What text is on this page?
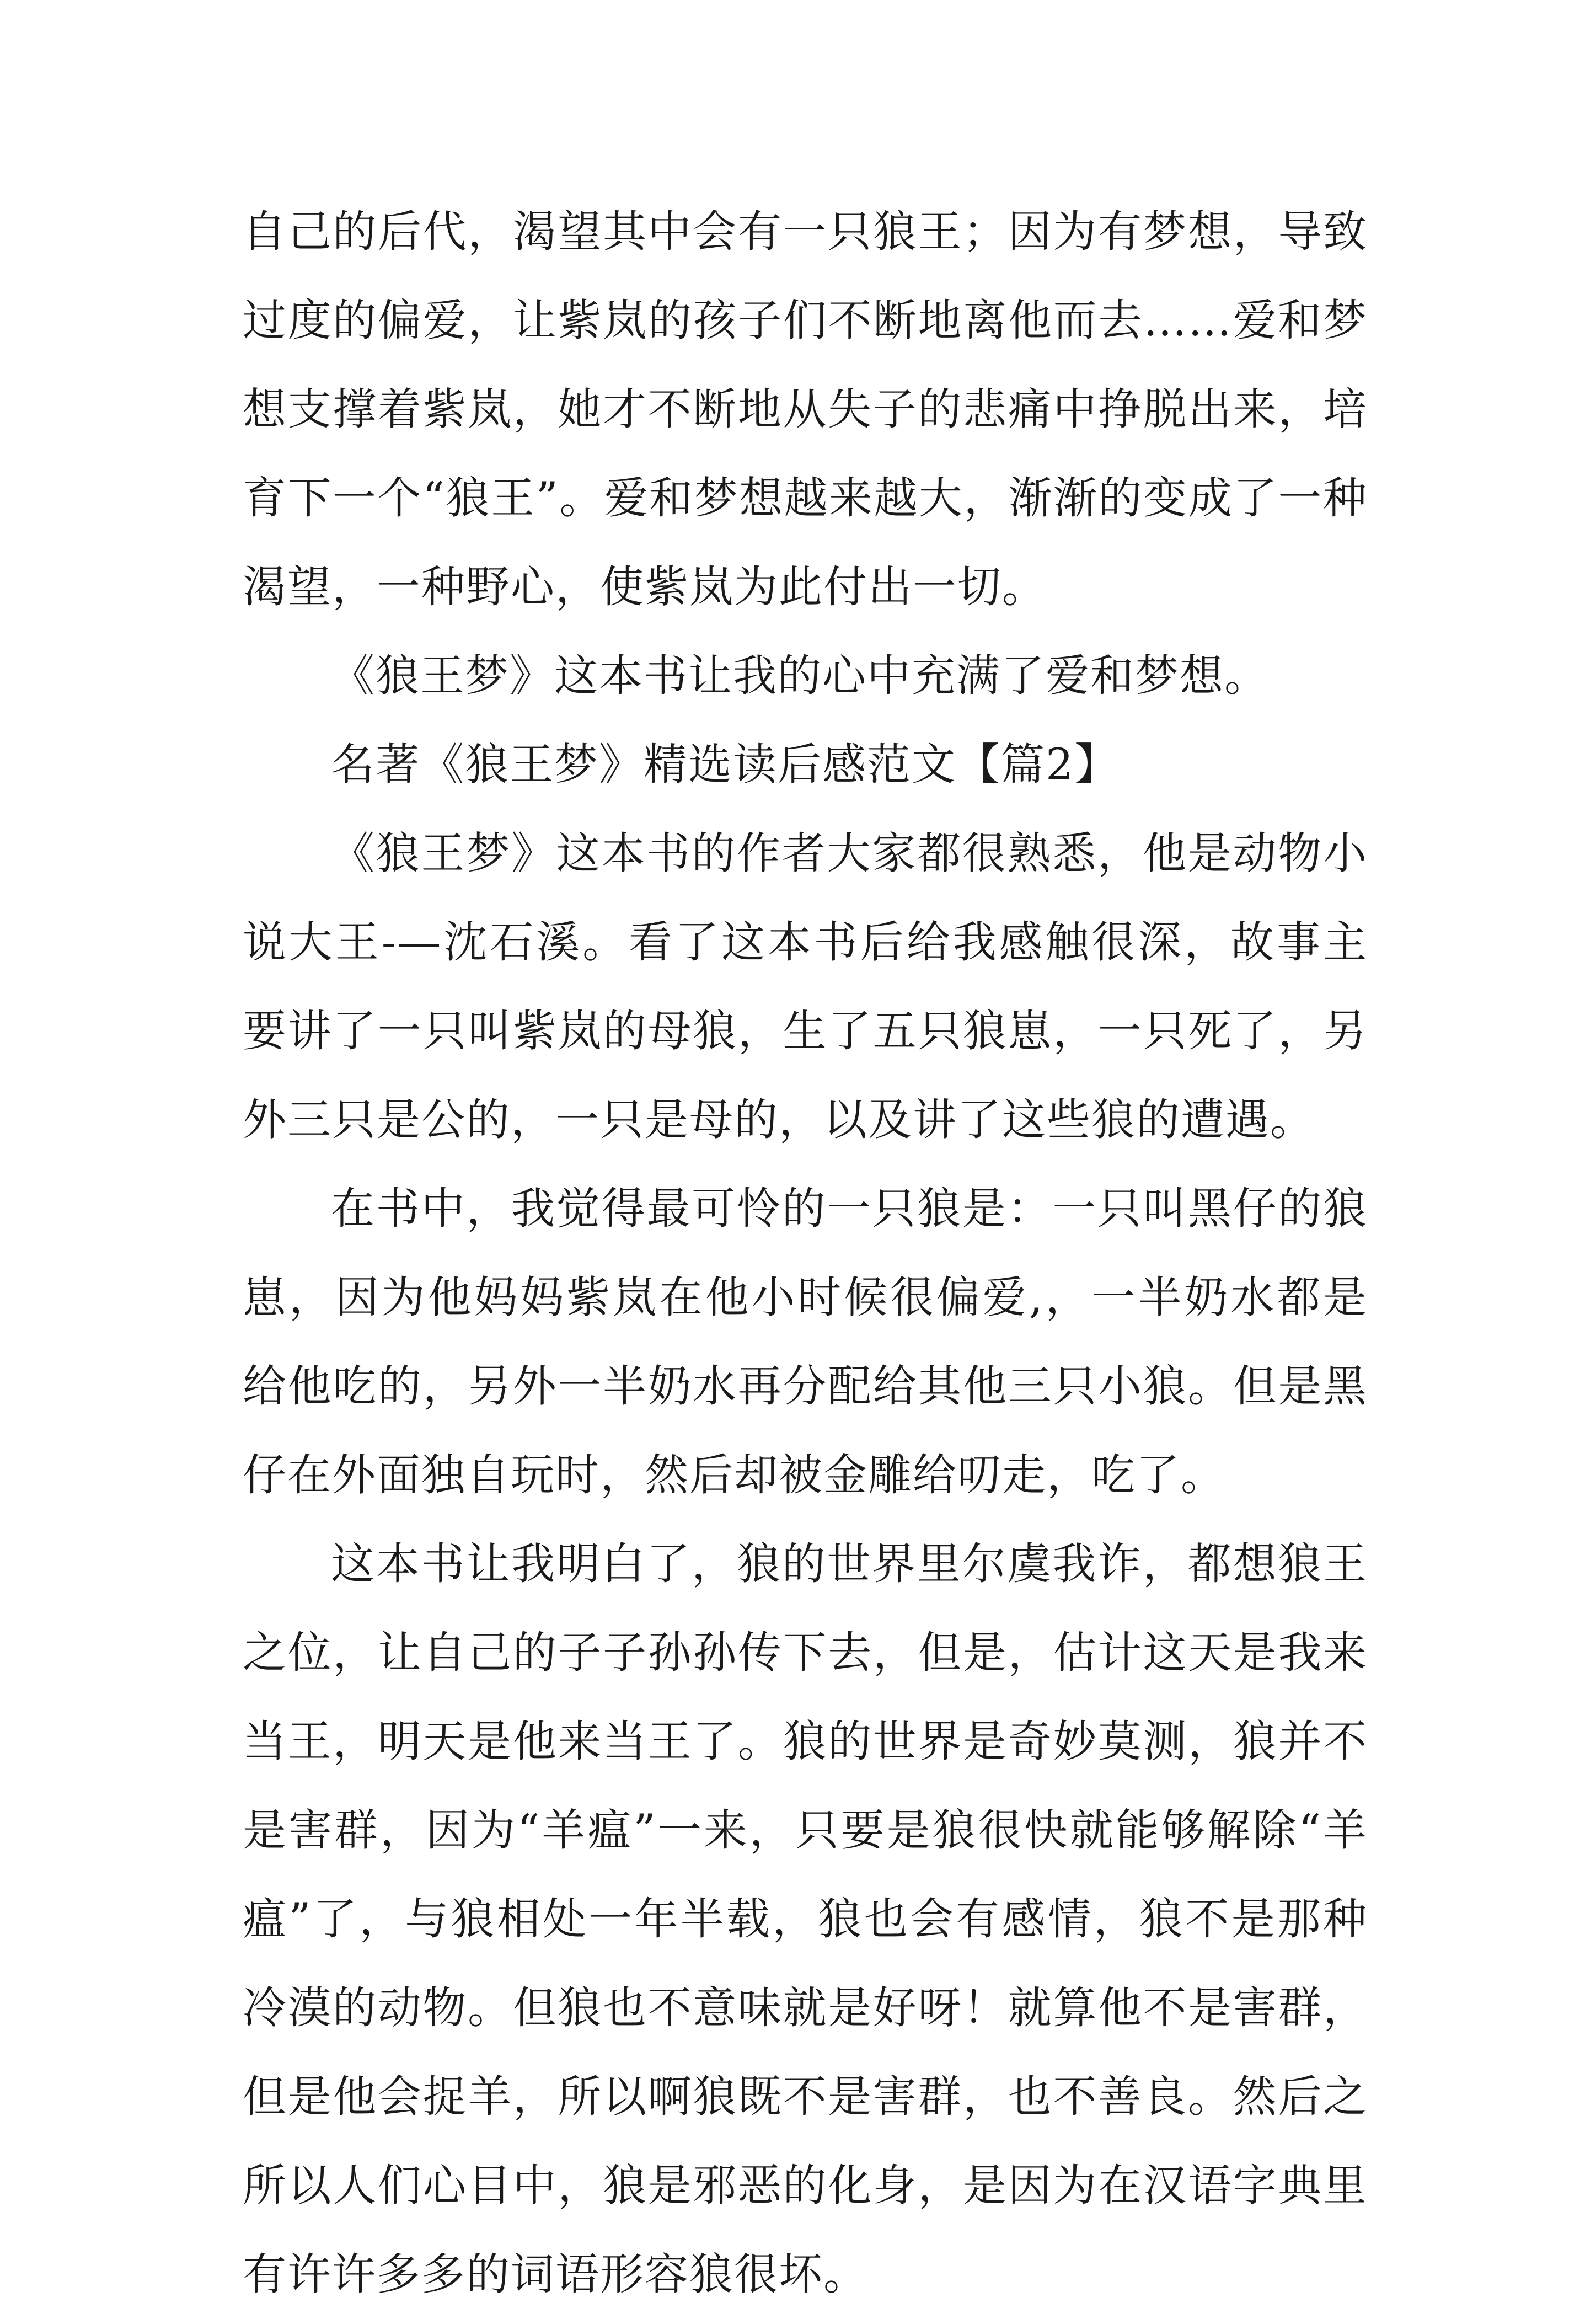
自己的后代，渴望其中会有一只狼王；因为有梦想，导致过度的偏爱，让紫岚的孩子们不断地离他而去……爱和梦想支撑着紫岚，她才不断地从失子的悲痛中挣脱出来，培育下一个“狼王”。爱和梦想越来越大，渐渐的变成了一种渴望，一种野心，使紫岚为此付出一切。

《狼王梦》这本书让我的心中充满了爱和梦想。

名著《狼王梦》精选读后感范文【篇2】

《狼王梦》这本书的作者大家都很熟悉，他是动物小说大王-—沈石溪。看了这本书后给我感触很深，故事主要讲了一只叫紫岚的母狼，生了五只狼崽，一只死了，另外三只是公的，一只是母的，以及讲了这些狼的遭遇。

在书中，我觉得最可怜的一只狼是：一只叫黑仔的狼崽，因为他妈妈紫岚在他小时候很偏爱,，一半奶水都是给他吃的，另外一半奶水再分配给其他三只小狼。但是黑仔在外面独自玩时，然后却被金雕给叨走，吃了。

这本书让我明白了，狼的世界里尔虞我诈，都想狼王之位，让自己的子子孙孙传下去，但是，估计这天是我来当王，明天是他来当王了。狼的世界是奇妙莫测，狼并不是害群，因为“羊瘟”一来，只要是狼很快就能够解除“羊瘟”了，与狼相处一年半载，狼也会有感情，狼不是那种冷漠的动物。但狼也不意味就是好呀！就算他不是害群，但是他会捉羊，所以啊狼既不是害群，也不善良。然后之所以人们心目中，狼是邪恶的化身，是因为在汉语字典里有许许多多的词语形容狼很坏。
